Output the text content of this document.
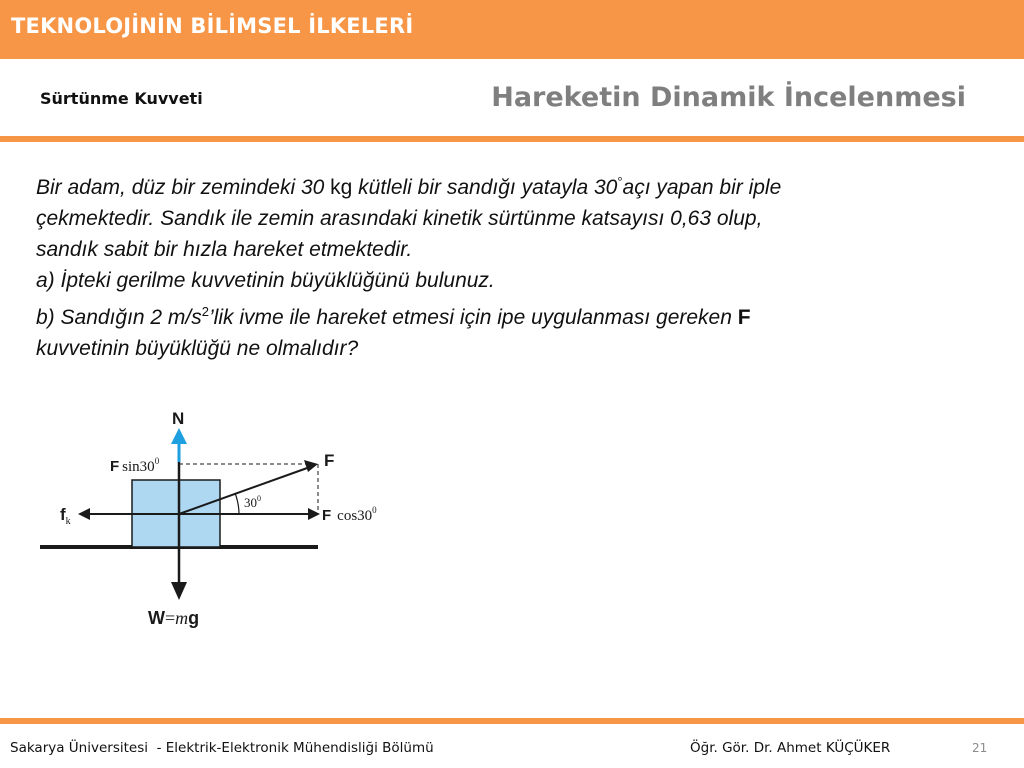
TEKNOLOJİNİN BİLİMSEL İLKELERİ
Sürtünme Kuvveti	Hareketin Dinamik İncelenmesi
Bir adam, düz bir zemindeki 30 kg kütleli bir sandığı yatayla 30°açı yapan bir iple
çekmektedir. Sandık ile zemin arasındaki kinetik sürtünme katsayısı 0,63 olup,
sandık sabit bir hızla hareket etmektedir.
a) İpteki gerilme kuvvetinin büyüklüğünü bulunuz.
b) Sandığın 2 $m/s^2’lik$ ivme ile hareket etmesi için ipe uygulanması gereken F
kuvvetinin büyüklüğü ne olmalıdır?
N
F $\sin 30^0$	F
$30^0$
F $\cos 30^0$
$f_k$
W=mg
Sakarya Üniversitesi  - Elektrik-Elektronik Mühendisliği Bölümü	Öğr. Gör. Dr. Ahmet KÜÇÜKER	21
